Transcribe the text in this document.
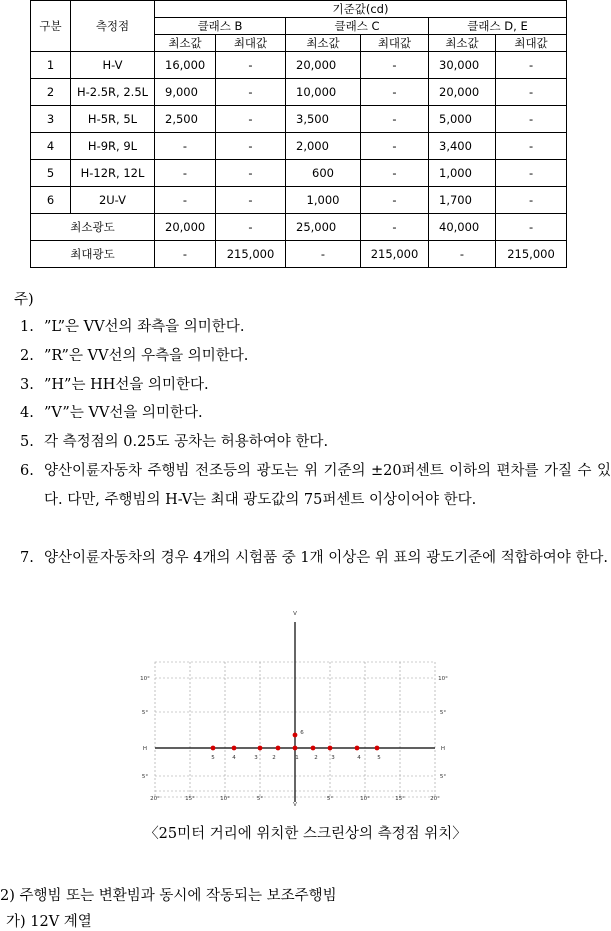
구분	측정점	기준값(cd)					
		클래스 B		클래스 C		클래스 D, E	
		최소값	최대값	최소값	최대값	최소값	최대값
1	H-V	16,000	-	20,000	-	30,000	-
2	H-2.5R, 2.5L	9,000	-	10,000	-	20,000	-
3	H-5R, 5L	2,500	-	3,500	-	5,000	-
4	H-9R, 9L	-	-	2,000	-	3,400	-
5	H-12R, 12L	-	-	600	-	1,000	-
6	2U-V	-	-	1,000	-	1,700	-
최소광도		20,000	-	25,000	-	40,000	-
최대광도		-	215,000	-	215,000	-	215,000
주)
1. ”L”은 VV선의 좌측을 의미한다.
2. ”R”은 VV선의 우측을 의미한다.
3. ”H”는 HH선을 의미한다.
4. ”V”는 VV선을 의미한다.
5. 각 측정점의 0.25도 공차는 허용하여야 한다.
6. 양산이륜자동차 주행빔 전조등의 광도는 위 기준의 ±20퍼센트 이하의 편차를 가질 수 있다. 다만, 주행빔의 H-V는 최대 광도값의 75퍼센트 이상이어야 한다.
7. 양산이륜자동차의 경우 4개의 시험품 중 1개 이상은 위 표의 광도기준에 적합하여야 한다.
V
V
H	H
10°
5°
5°
10°
5°
5°
20°	15°	10°	5°	5°	10°	15°	20°
5	4	3	2	1	2 3	4	5
6
〈25미터 거리에 위치한 스크린상의 측정점 위치〉
2) 주행빔 또는 변환빔과 동시에 작동되는 보조주행빔
가) 12V 계열
